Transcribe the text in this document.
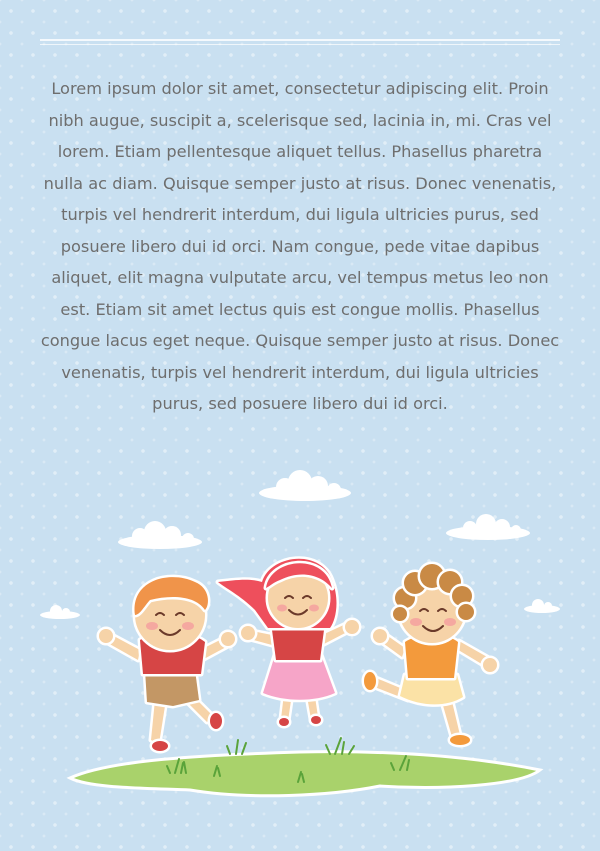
Lorem ipsum dolor sit amet, consectetur adipiscing elit. Proin nibh augue, suscipit a, scelerisque sed, lacinia in, mi. Cras vel lorem. Etiam pellentesque aliquet tellus. Phasellus pharetra nulla ac diam. Quisque semper justo at risus. Donec venenatis, turpis vel hendrerit interdum, dui ligula ultricies purus, sed posuere libero dui id orci. Nam congue, pede vitae dapibus aliquet, elit magna vulputate arcu, vel tempus metus leo non est. Etiam sit amet lectus quis est congue mollis. Phasellus congue lacus eget neque. Quisque semper justo at risus. Donec venenatis, turpis vel hendrerit interdum, dui ligula ultricies purus, sed posuere libero dui id orci.
